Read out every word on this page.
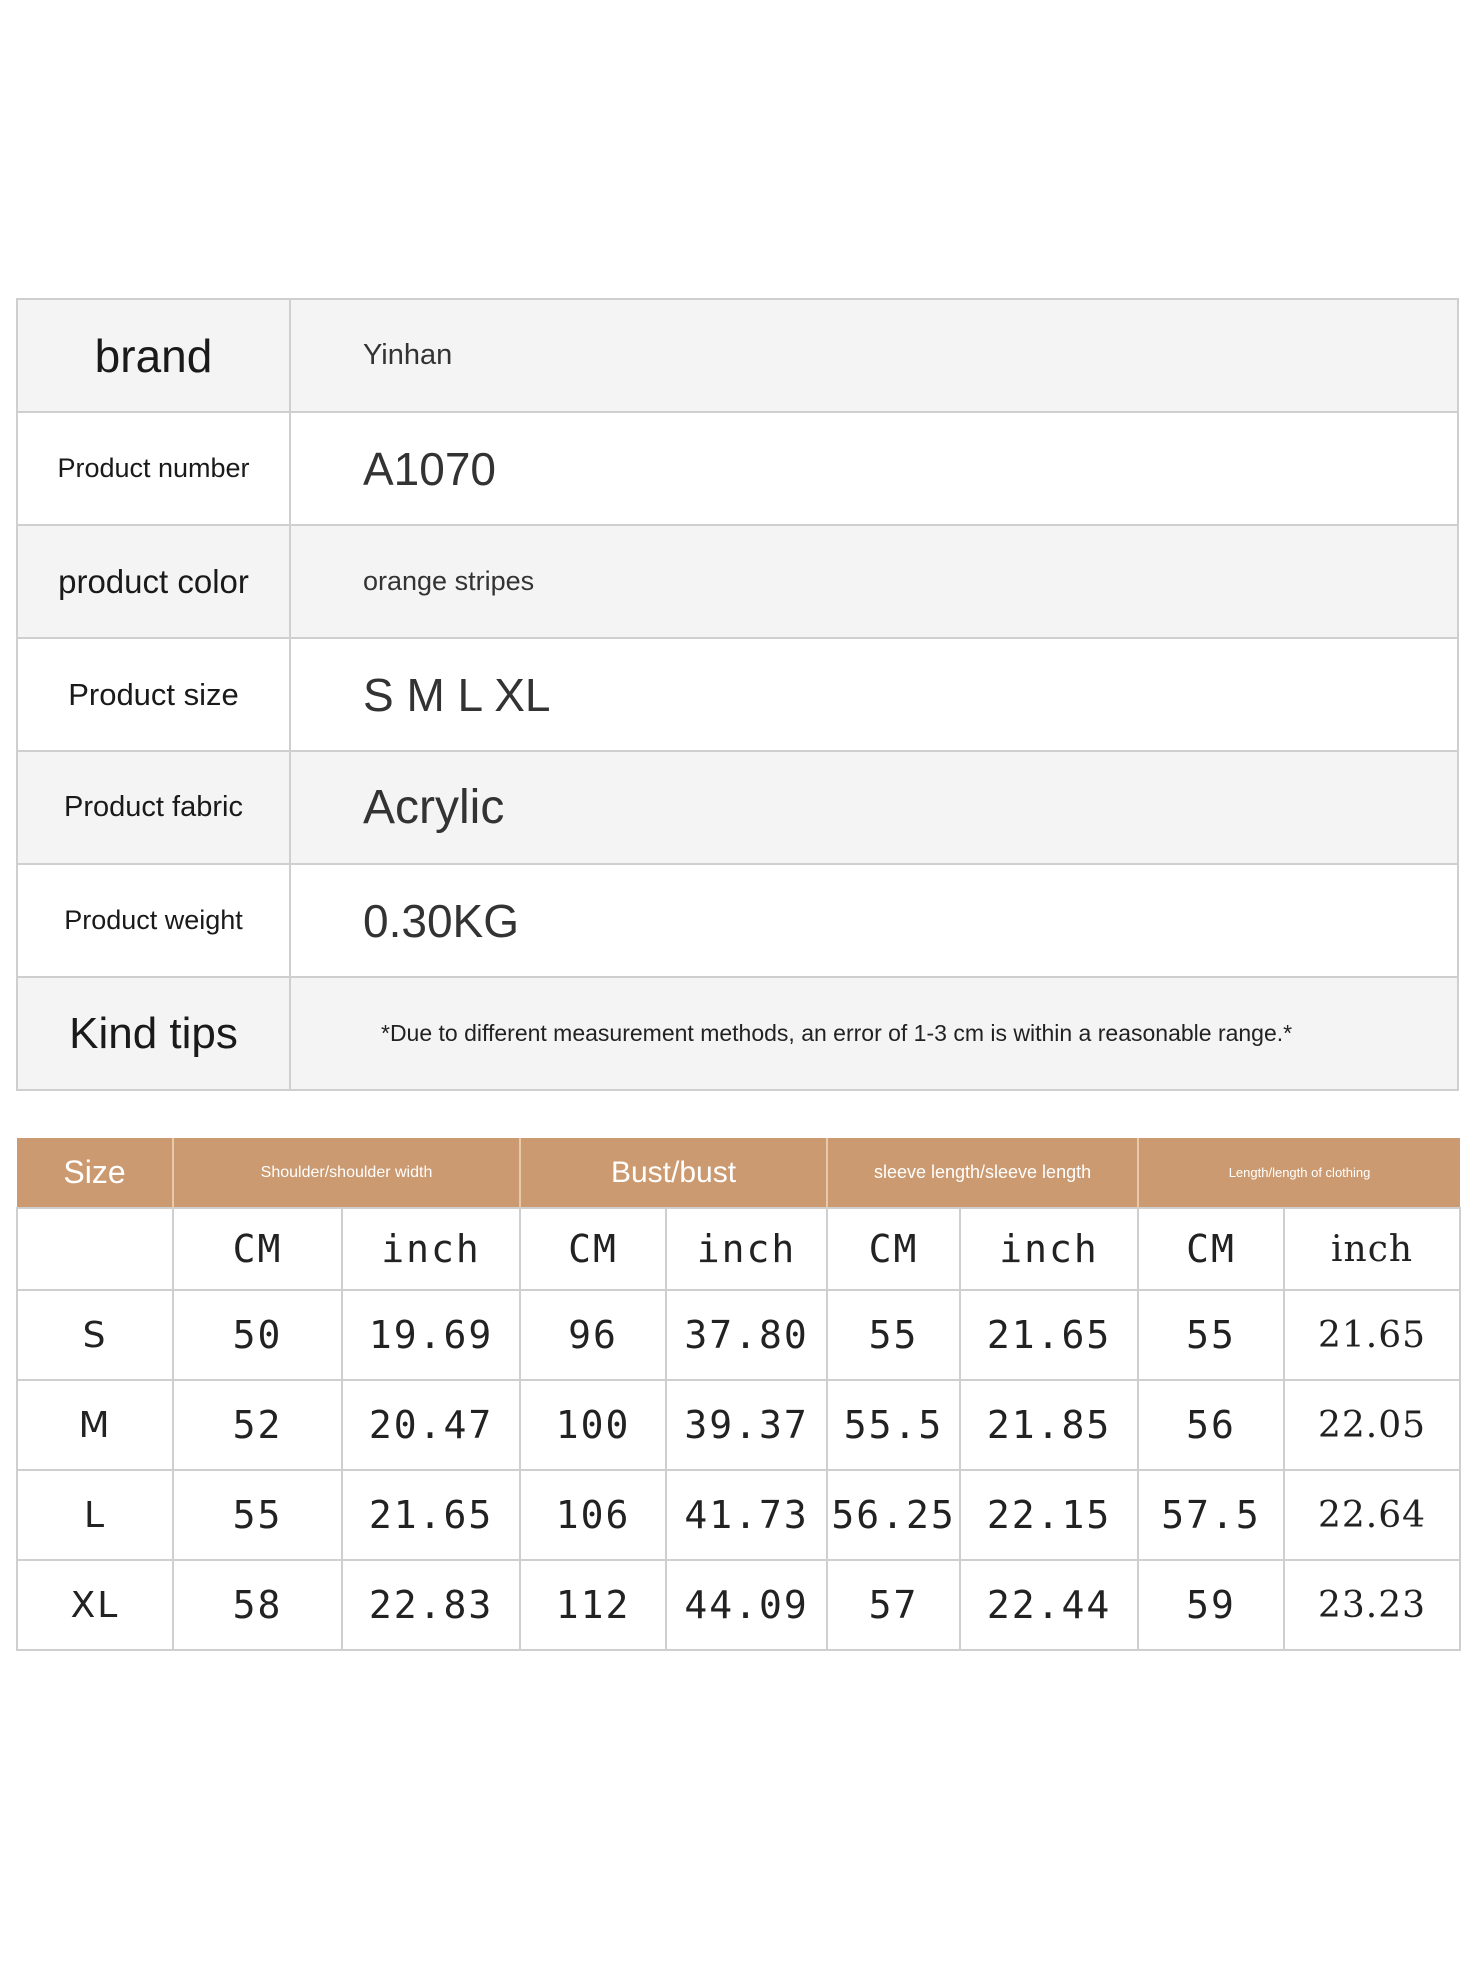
brand	Yinhan
Product number	A1070
product color	orange stripes
Product size	S M L XL
Product fabric	Acrylic
Product weight	0.30KG
Kind tips	*Due to different measurement methods, an error of 1-3 cm is within a reasonable range.*
Size	Shoulder/shoulder width		Bust/bust		sleeve length/sleeve length		Length/length of clothing	
	CM	inch	CM	inch	CM	inch	CM	inch
S	50	19.69	96	37.80	55	21.65	55	21.65
M	52	20.47	100	39.37	55.5	21.85	56	22.05
L	55	21.65	106	41.73	56.25	22.15	57.5	22.64
XL	58	22.83	112	44.09	57	22.44	59	23.23
